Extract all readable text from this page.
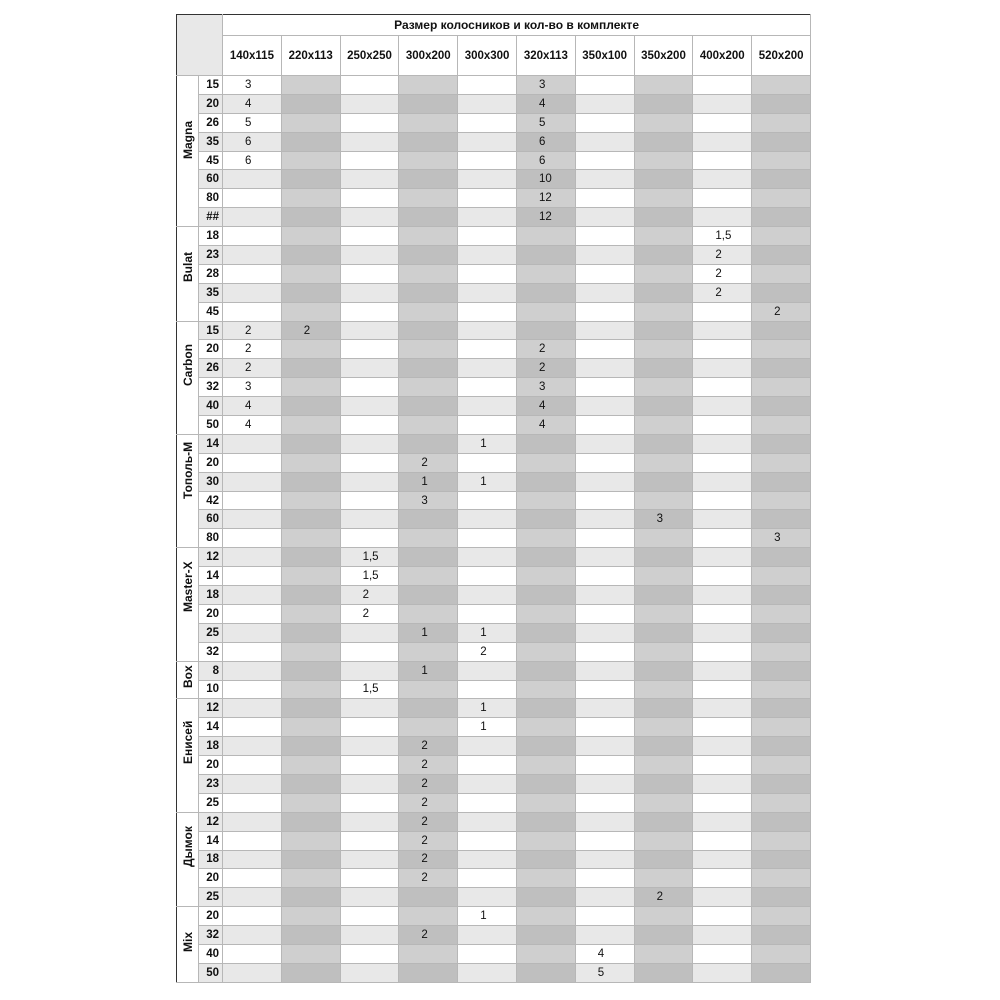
		Размер колосников и кол-во в комплекте									
		140x115	220x113	250x250	300x200	300x300	320x113	350x100	350x200	400x200	520x200

Magna	15	3					3				
	20	4					4				
	26	5					5				
	35	6					6				
	45	6					6				
	60						10				
	80						12				
	##						12				

Bulat	18									1,5	
	23									2	
	28									2	
	35									2	
	45										2

Carbon	15	2	2								
	20	2					2				
	26	2					2				
	32	3					3				
	40	4					4				
	50	4					4				

Тополь-М	14					1					
	20				2						
	30				1	1					
	42				3						
	60								3		
	80										3

Master-X	12			1,5							
	14			1,5							
	18			2							
	20			2							
	25				1	1					
	32					2					

Box	8				1						
	10			1,5							

Енисей	12					1					
	14					1					
	18				2						
	20				2						
	23				2						
	25				2						

Дымок	12				2						
	14				2						
	18				2						
	20				2						
	25								2		

Mix	20					1					
	32				2						
	40							4			
	50							5			
